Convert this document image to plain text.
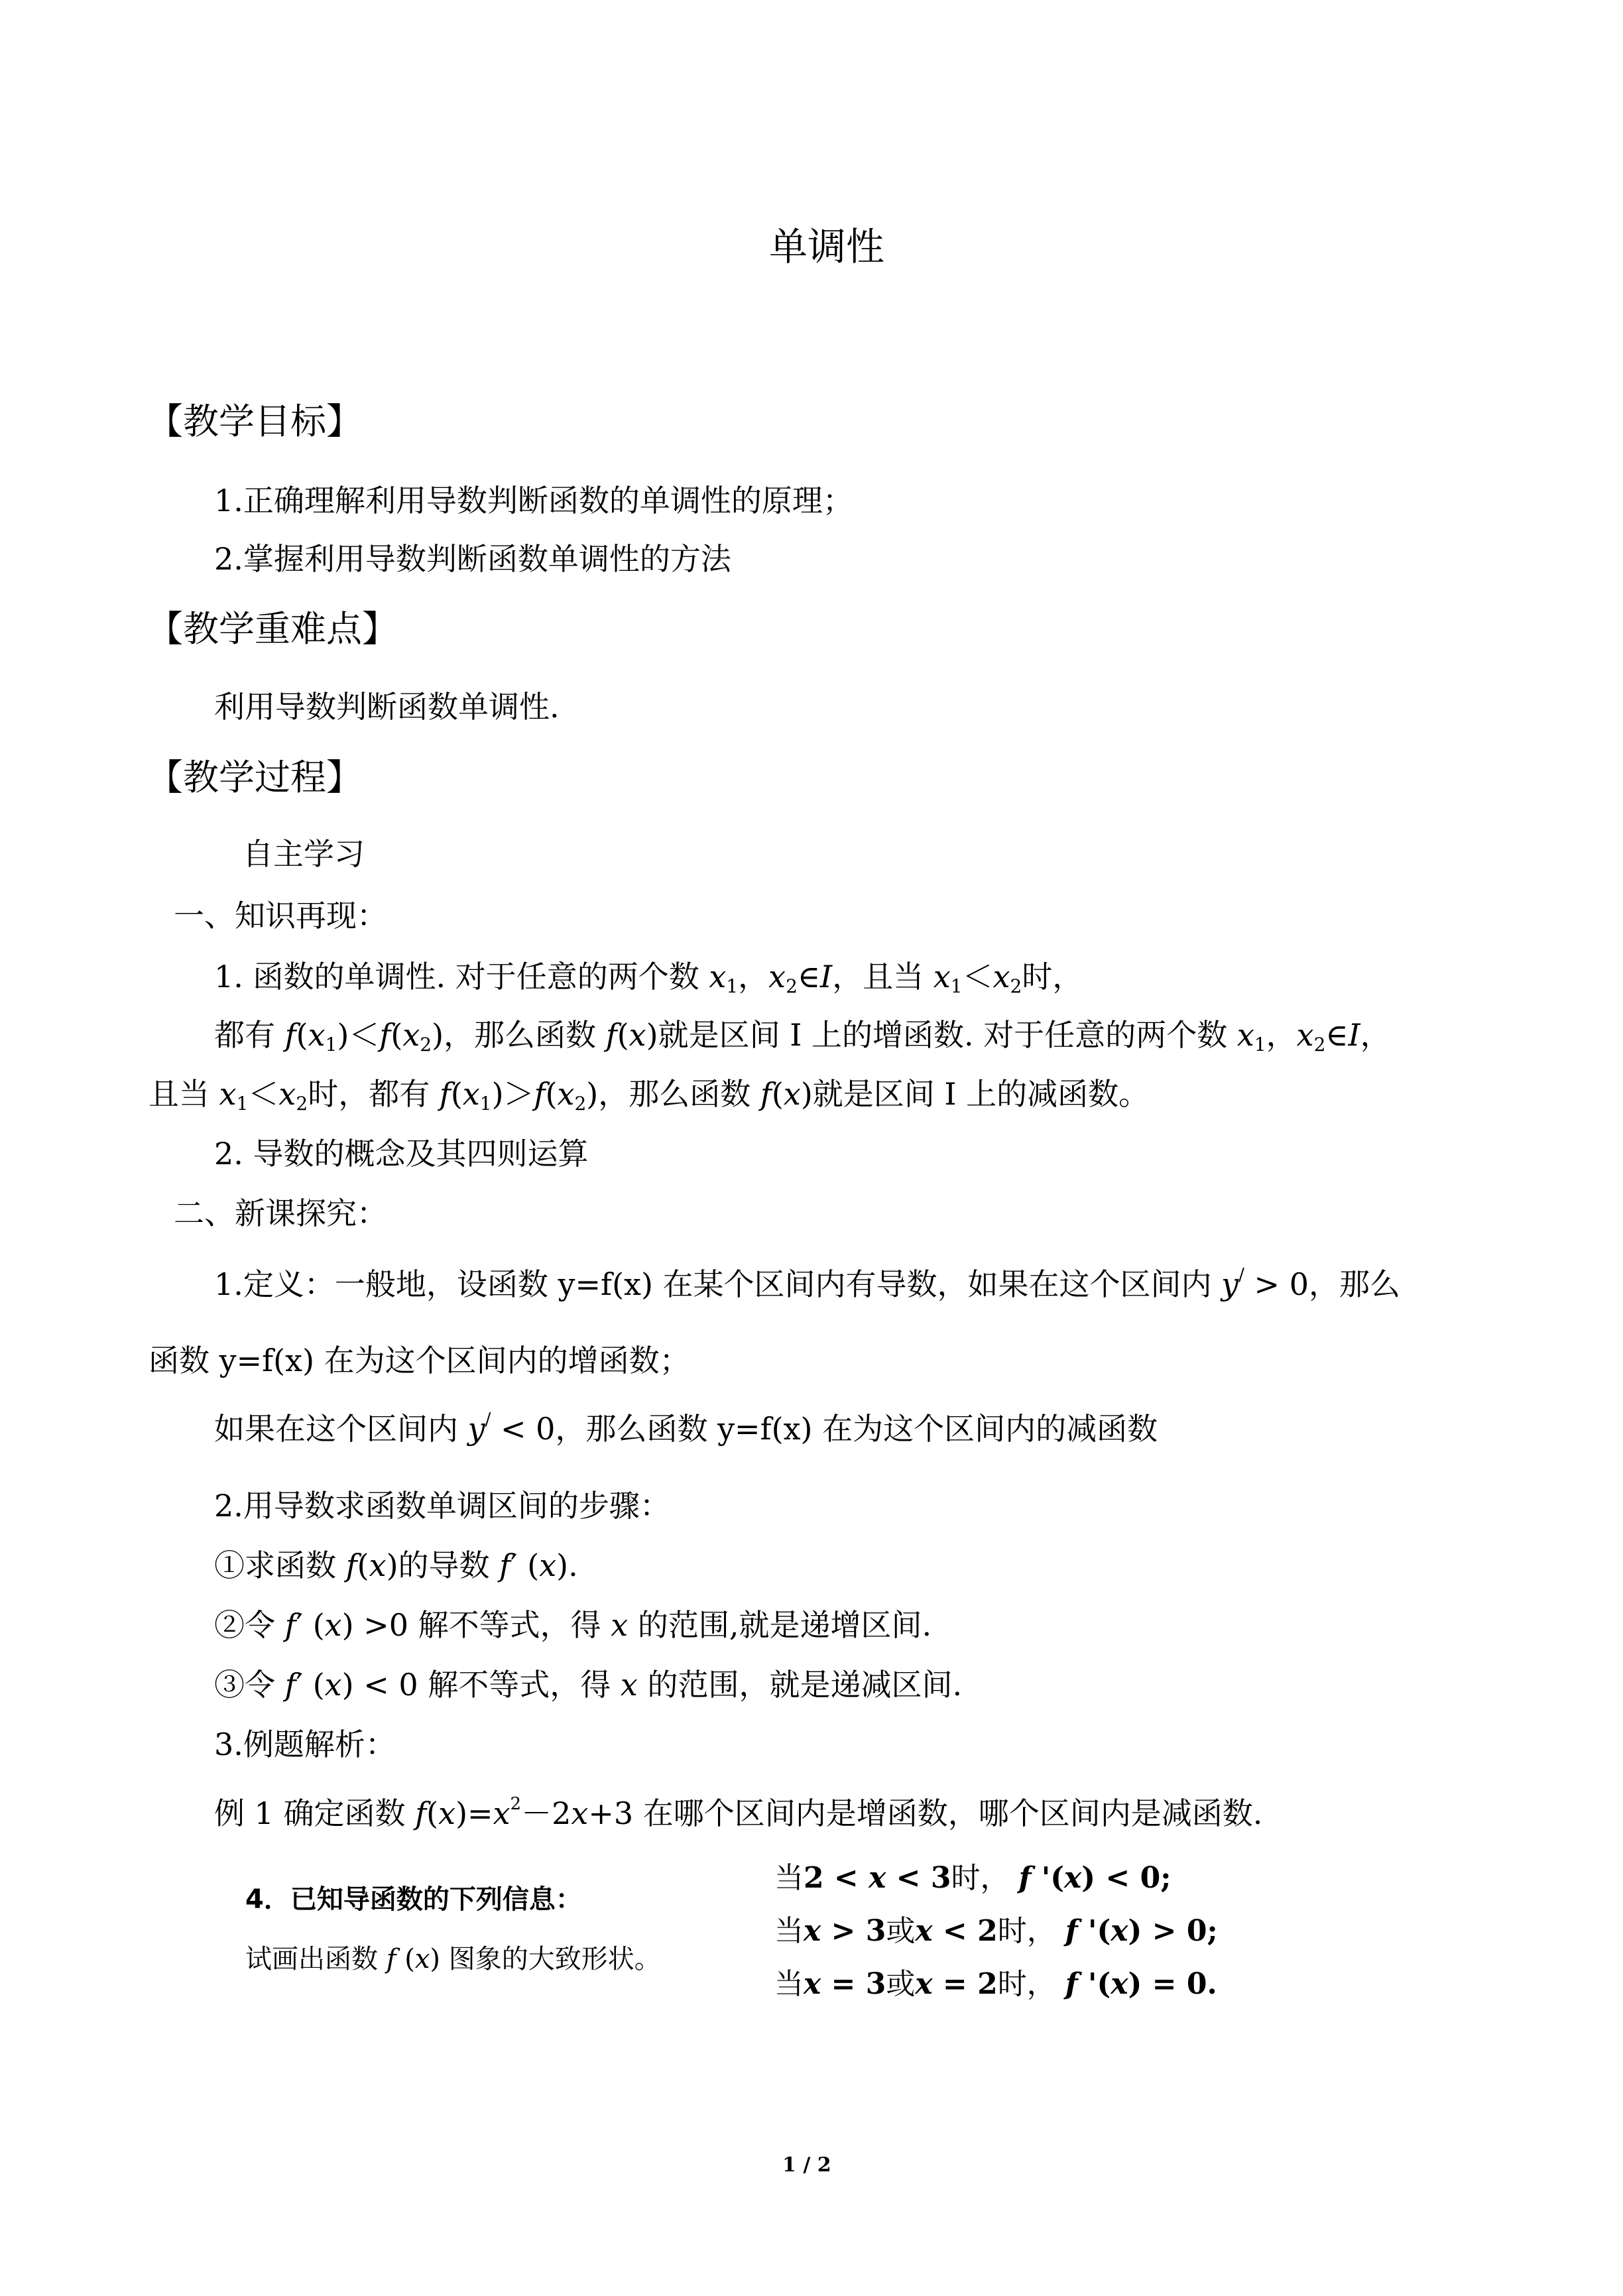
单调性
【教学目标】
1.正确理解利用导数判断函数的单调性的原理；
2.掌握利用导数判断函数单调性的方法
【教学重难点】
利用导数判断函数单调性.
【教学过程】
自主学习
一、知识再现：
1. 函数的单调性. 对于任意的两个数 $x_1$，$x_2\in I$，且当 $x_1<x_2$时，
都有 $f(x_1)<f(x_2)$，那么函数 f(x)就是区间 I 上的增函数. 对于任意的两个数 $x_1$，$x_2\in I$，
且当 $x_1<x_2$时，都有 $f(x_1)>f(x_2)$，那么函数 f(x)就是区间 I 上的减函数。
2. 导数的概念及其四则运算
二、新课探究：
1.定义：一般地，设函数 y=f(x) 在某个区间内有导数，如果在这个区间内 y/ > 0，那么
函数 y=f(x) 在为这个区间内的增函数；
如果在这个区间内 y/ < 0，那么函数 y=f(x) 在为这个区间内的减函数
2.用导数求函数单调区间的步骤：
①求函数 f(x)的导数 f′ (x).
②令 f′ (x) >0 解不等式，得 x 的范围,就是递增区间.
③令 f′ (x) < 0 解不等式，得 x 的范围，就是递减区间.
3.例题解析：
例 1 确定函数 $f(x)=x^2-2x+3$ 在哪个区间内是增函数，哪个区间内是减函数.
4．已知导函数的下列信息：
试画出函数 f (x) 图象的大致形状。
当2 < x < 3时， f '(x) < 0;
当x > 3或x < 2时， f '(x) > 0;
当x = 3或x = 2时， f '(x) = 0.
1 / 2
